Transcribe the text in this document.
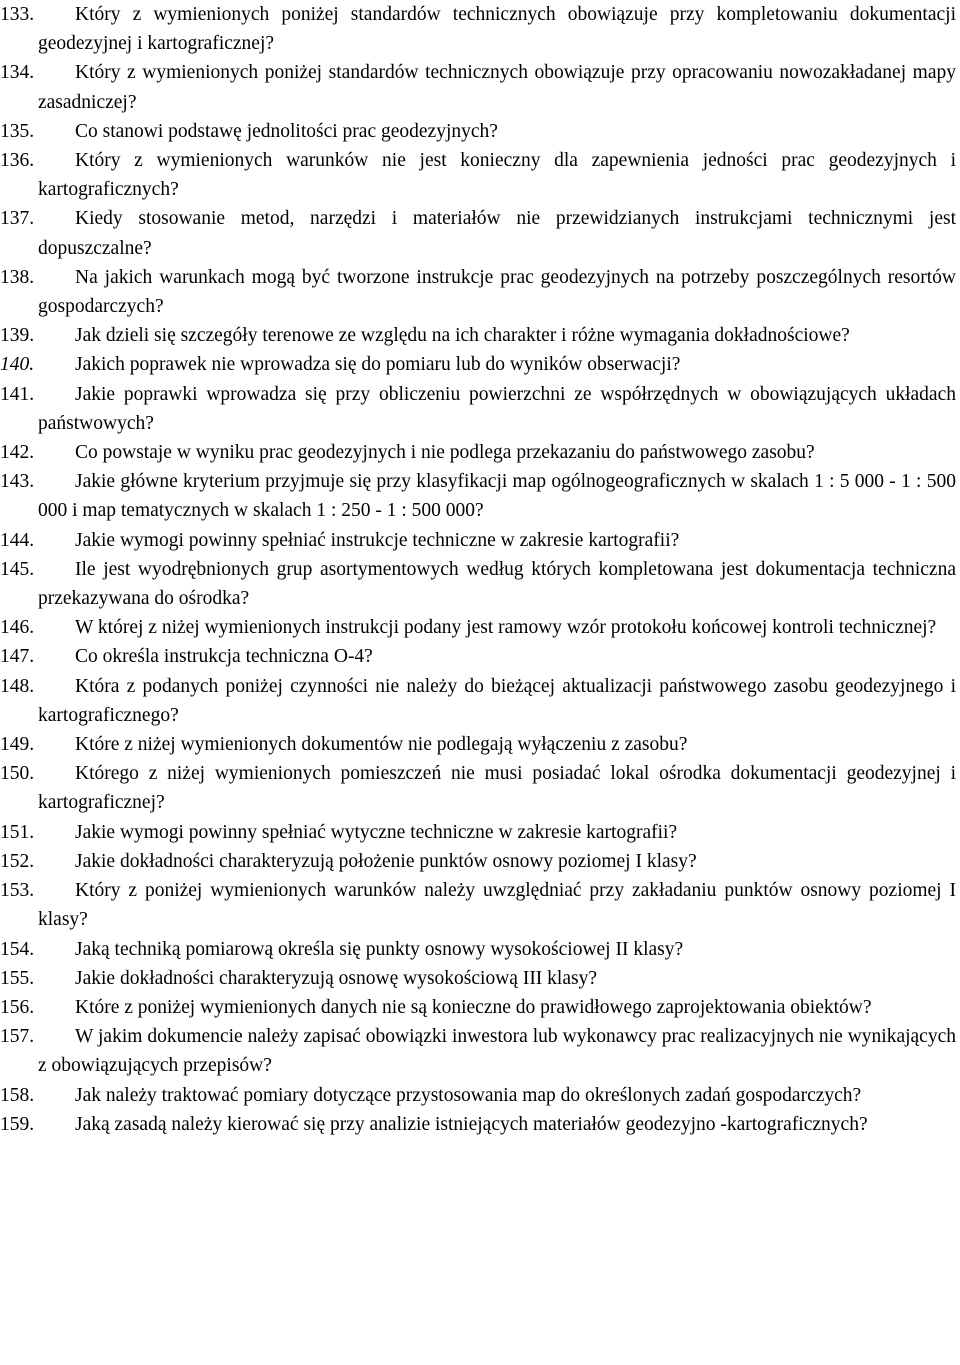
133. Który z wymienionych poniżej standardów technicznych obowiązuje przy kompletowaniu dokumentacji geodezyjnej i kartograficznej?

134. Który z wymienionych poniżej standardów technicznych obowiązuje przy opracowaniu nowozakładanej mapy zasadniczej?

135. Co stanowi podstawę jednolitości prac geodezyjnych?

136. Który z wymienionych warunków nie jest konieczny dla zapewnienia jedności prac geodezyjnych i kartograficznych?

137. Kiedy stosowanie metod, narzędzi i materiałów nie przewidzianych instrukcjami technicznymi jest dopuszczalne?

138. Na jakich warunkach mogą być tworzone instrukcje prac geodezyjnych na potrzeby poszczególnych resortów gospodarczych?

139. Jak dzieli się szczegóły terenowe ze względu na ich charakter i różne wymagania dokładnościowe?

140. Jakich poprawek nie wprowadza się do pomiaru lub do wyników obserwacji?

141. Jakie poprawki wprowadza się przy obliczeniu powierzchni ze współrzędnych w obowiązujących układach państwowych?

142. Co powstaje w wyniku prac geodezyjnych i nie podlega przekazaniu do państwowego zasobu?

143. Jakie główne kryterium przyjmuje się przy klasyfikacji map ogólnogeograficznych w skalach 1 : 5 000 - 1 : 500 000 i map tematycznych w skalach 1 : 250 - 1 : 500 000?

144. Jakie wymogi powinny spełniać instrukcje techniczne w zakresie kartografii?

145. Ile jest wyodrębnionych grup asortymentowych według których kompletowana jest dokumentacja techniczna przekazywana do ośrodka?

146. W której z niżej wymienionych instrukcji podany jest ramowy wzór protokołu końcowej kontroli technicznej?

147. Co określa instrukcja techniczna O-4?

148. Która z podanych poniżej czynności nie należy do bieżącej aktualizacji państwowego zasobu geodezyjnego i kartograficznego?

149. Które z niżej wymienionych dokumentów nie podlegają wyłączeniu z zasobu?

150. Którego z niżej wymienionych pomieszczeń nie musi posiadać lokal ośrodka dokumentacji geodezyjnej i kartograficznej?

151. Jakie wymogi powinny spełniać wytyczne techniczne w zakresie kartografii?

152. Jakie dokładności charakteryzują położenie punktów osnowy poziomej I klasy?

153. Który z poniżej wymienionych warunków należy uwzględniać przy zakładaniu punktów osnowy poziomej I klasy?

154. Jaką techniką pomiarową określa się punkty osnowy wysokościowej II klasy?

155. Jakie dokładności charakteryzują osnowę wysokościową III klasy?

156. Które z poniżej wymienionych danych nie są konieczne do prawidłowego zaprojektowania obiektów?

157. W jakim dokumencie należy zapisać obowiązki inwestora lub wykonawcy prac realizacyjnych nie wynikających z obowiązujących przepisów?

158. Jak należy traktować pomiary dotyczące przystosowania map do określonych zadań gospodarczych?

159. Jaką zasadą należy kierować się przy analizie istniejących materiałów geodezyjno -kartograficznych?
